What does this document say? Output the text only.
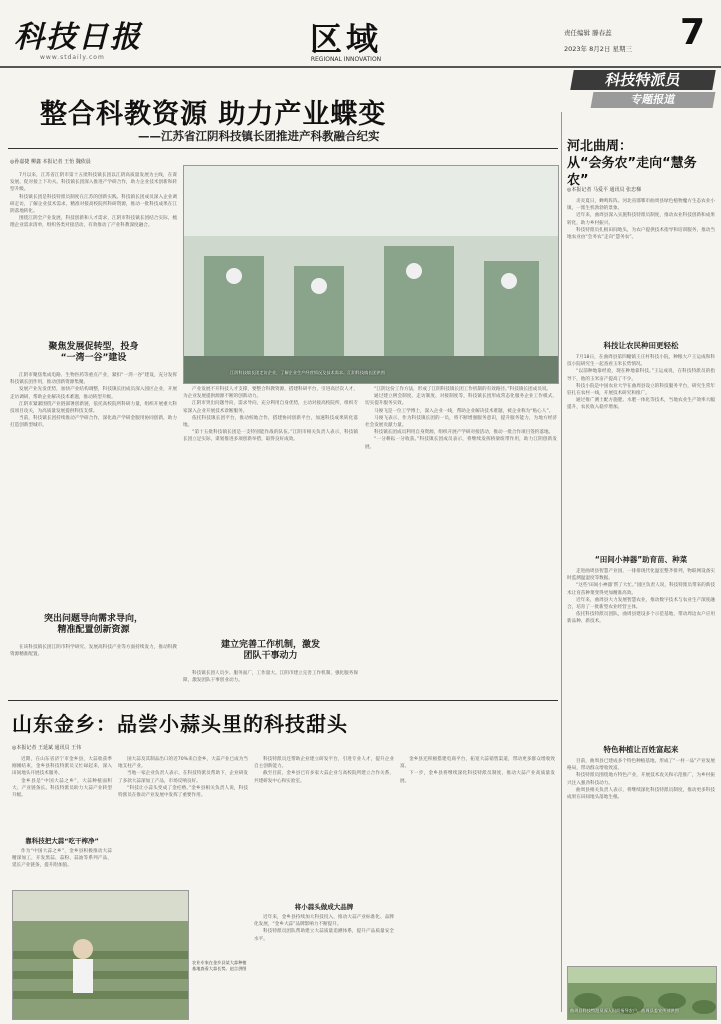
科技日报
www.stdaily.com	区域
REGIONAL INNOVATION
责任编辑 滕春蕊
2023年 8月2日 星期三 7
科技特派员
专题报道
整合科教资源 助力产业蝶变
——江苏省江阴科技镇长团推进产科教融合纪实
◎孙嘉捷 柳鑫 本报记者 王怡 魏依晨

7月以来，江苏省江阴市第十五批科技镇长团以江阴高质量发展为主线，在谋发展、促对接上下功夫。科技镇长团深入推进产学研合作，助力企业技术创新和转型升级。

科技镇长团是科技特派员制度在江苏的创新实践。科技镇长团成员深入企业调研走访，了解企业技术需求，精准对接高校院所科研资源，推动一批科技成果在江阴落地转化。

围绕江阴全产业发展，科技创新和人才需求，江阴市科技镇长团结合实际，梳理企业需求清单，组织各类对接活动，有效推动了产业科教深度融合。

聚焦发展促转型，投身
“一湾一谷”建设

江阴市聚焦集成电路、生物医药等重点产业，紧扣“一湾一谷”建设，充分发挥科技镇长团作用，推动创新资源集聚。

发展产业先发优势，加快产业结构调整，科技镇长团成员深入园区企业，开展走访调研，帮助企业解决技术难题，推动转型升级。

江阴市紧紧围绕产业链部署创新链，依托高校院所科研力量，组织开展重大科技项目攻关，为高质量发展提供科技支撑。

当前，科技镇长团持续推动产学研合作，深化政产学研金服用协同创新，助力打造创新型城市。

突出问题导向需求导向，
精准配置创新资源

在该科技镇长团江阴市科学研究、发展高科技产业等方面持续发力，推动科教资源精准配置。

江阴科技镇长团走访企业，了解企业生产经营情况及技术需求。江阴科技镇长团供图

产业发展不开科技人才支撑，要整合科教资源，搭建科研平台，引进高层次人才，为企业发展提供源源不断的创新动力。

江阴市突出问题导向，需求导向，充分利用自身优势，主动对接高校院所，组织专家深入企业开展技术诊断服务。

依托科技镇长团平台，推动校地合作，搭建协同创新平台，加速科技成果转化落地。

“第十五批科技镇长团是一支特别能作战的队伍。”江阴市相关负责人表示，科技镇长团立足实际，谋划推进多项创新举措，取得良好成效。

建立完善工作机制，激发
团队干事动力

科技镇长团人员少、服务面广，工作量大。江阴市建立完善工作机制，强化服务保障，激发团队干事创业动力。

“江阴这份工作方法，形成了江阴科技镇长团工作机制的有效路径。”科技镇长团成员说。

通过建立例会制度、走访制度、对接制度等，科技镇长团形成常态化服务企业工作模式，切实提升服务实效。

马俊飞是一位工学博士，深入企业一线，帮助企业解决技术难题，被企业称为“贴心人”。

马俊飞表示，作为科技镇长团的一员，将不断增强服务意识，提升服务能力，为地方经济社会发展贡献力量。

科技镇长团成员利用自身资源，组织开展产学研对接活动，推动一批合作项目签约落地。

“一分耕耘一分收获。”科技镇长团成员表示，将继续发挥桥梁纽带作用，助力江阴创新发展。

河北曲周：
从“会务农”走向“慧务农”
◎本报记者 马爱平 通讯员 张忠梯

炎炎夏日，蝉鸣阵阵。河北省邯郸市曲周县绿色植物魔方生态农业小镇，一派生机勃勃的景象。

近年来，曲周县深入实施科技特派员制度，推动农业科技创新和成果转化，助力乡村振兴。

科技特派员扎根田间地头，为农户提供技术指导和培训服务，推动当地农业由“会务农”走向“慧务农”。

科技让农民种田更轻松

7月18日，在曲周县第四疃镇王庄村科技小院，种粮大户王运成和科技小院研究生一起查看玉米长势情况。

“以前种地靠经验，现在种地靠科技。”王运成说，在科技特派员的指导下，他的玉米亩产提高了不少。

科技小院是中国农业大学在曲周县设立的科技服务平台，研究生常年驻扎在农村一线，开展技术研究和推广。

通过推广测土配方施肥、水肥一体化等技术，当地农业生产效率大幅提升，农民收入稳步增加。

“田间小神器”助育苗、种菜

走进曲周县智慧产业园，一排排现代化温室整齐排列，物联网设备实时监测温湿度等数据。

“这些‘田间小神器’帮了大忙。”园区负责人说，科技特派员带来的新技术让育苗种菜变得更加精准高效。

近年来，曲周县大力发展智慧农业，推动数字技术与农业生产深度融合，培育了一批新型农业经营主体。

依托科技特派员团队，曲周县建设多个示范基地，带动周边农户应用新品种、新技术。

特色种植让百姓富起来

目前，曲周县已建成多个特色种植基地，形成了“一村一品”产业发展格局，带动群众增收致富。

科技特派员围绕地方特色产业，开展技术攻关和示范推广，为乡村振兴注入强劲科技动力。

曲周县相关负责人表示，将继续深化科技特派员制度，推动更多科技成果在田间地头落地生根。

曲周县科技特派员深入田间指导农户。曲周县委宣传部供图
山东金乡：品尝小蒜头里的科技甜头
◎本报记者 王延斌 通讯员 王伟

近期，在山东省济宁市金乡县，大蒜收获季刚刚结束，金乡县科技特派员又忙碌起来，深入田间地头开展技术服务。

金乡县是“中国大蒜之乡”，大蒜种植面积大、产业链条长。科技特派员助力大蒜产业转型升级。

靠科技把大蒜“吃干榨净”

作为“中国大蒜之乡”，金乡县积极推动大蒜精深加工，开发黑蒜、蒜粉、蒜油等系列产品，延长产业链条，提升附加值。

农业专家在金乡县某大蒜种植基地查看大蒜长势。赵言供图

国大蒜及其制品出口的近70%来自金乡，大蒜产业已成为当地支柱产业。

当地一家企业负责人表示，在科技特派员帮助下，企业研发了多款大蒜深加工产品，市场反响良好。

“科技让小蒜头变成了金疙瘩。”金乡县相关负责人说，科技特派员在推动产业发展中发挥了重要作用。

科技特派员还帮助企业建立研发平台，引进专业人才，提升企业自主创新能力。

截至目前，金乡县已有多家大蒜企业与高校院所建立合作关系，共建研发中心和实验室。

将小蒜头做成大品牌

近年来，金乡县持续加大科技投入，推动大蒜产业标准化、品牌化发展，“金乡大蒜”品牌影响力不断提升。

科技特派员团队帮助建立大蒜质量追溯体系，提升产品质量安全水平。

金乡县还积极搭建电商平台，拓宽大蒜销售渠道，带动更多群众增收致富。

下一步，金乡县将继续深化科技特派员制度，推动大蒜产业高质量发展。
